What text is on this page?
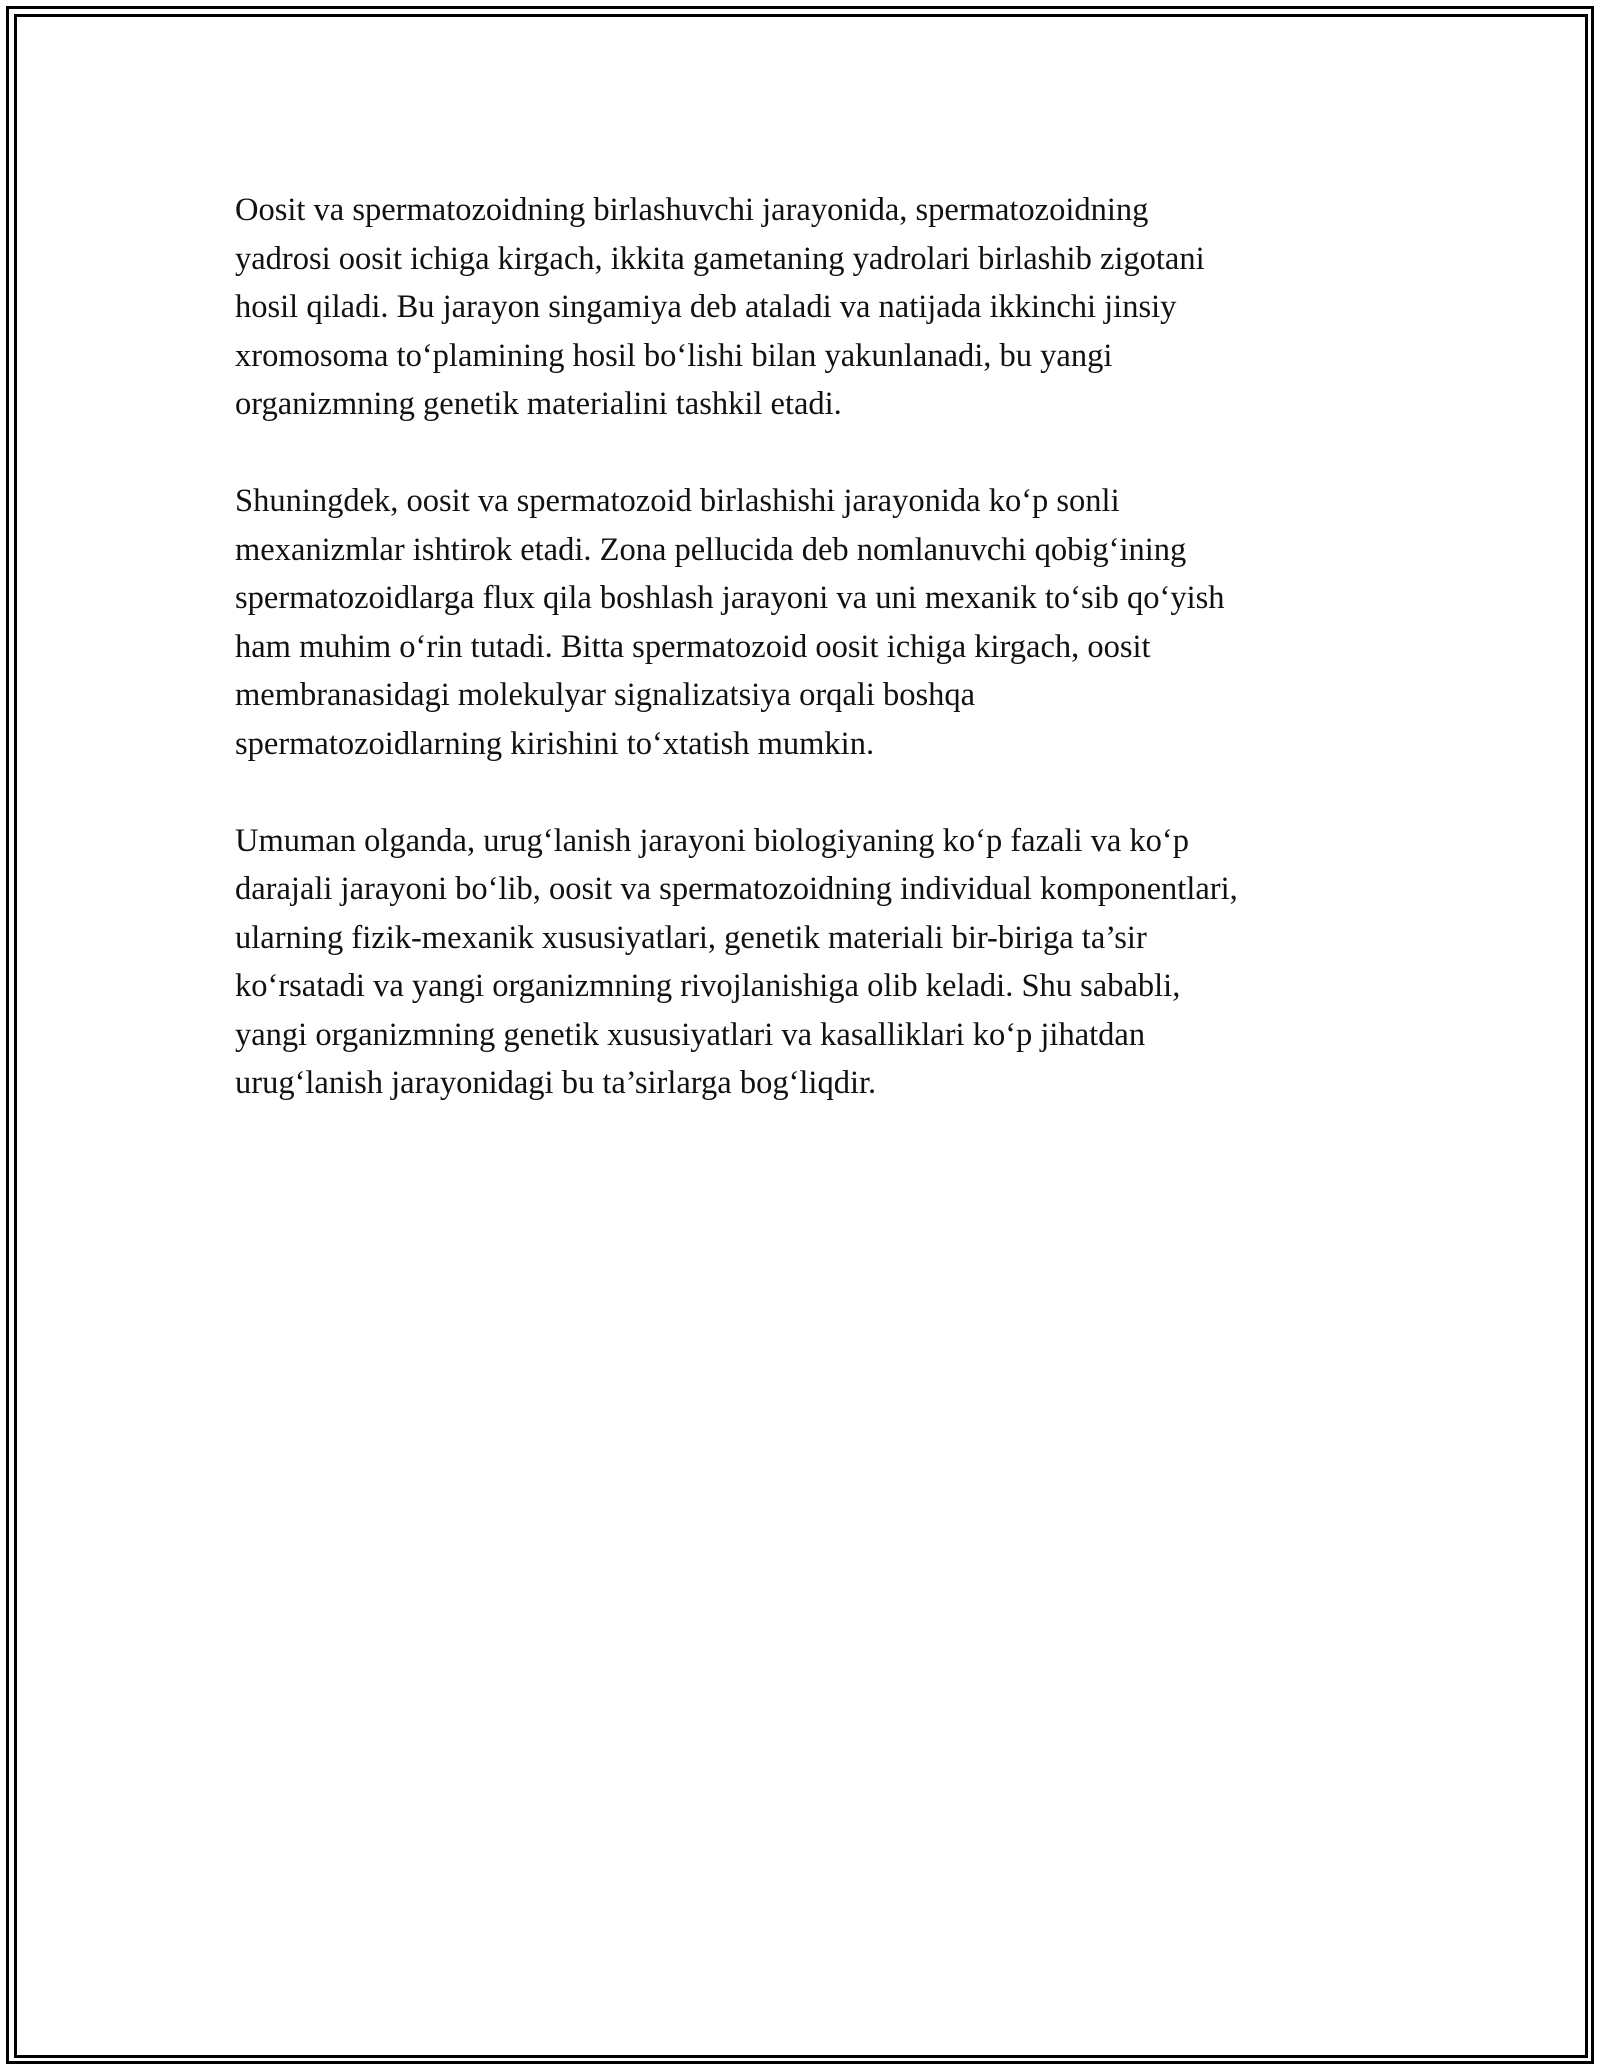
Oosit va spermatozoidning birlashuvchi jarayonida, spermatozoidning
yadrosi oosit ichiga kirgach, ikkita gametaning yadrolari birlashib zigotani
hosil qiladi. Bu jarayon singamiya deb ataladi va natijada ikkinchi jinsiy
xromosoma to‘plamining hosil bo‘lishi bilan yakunlanadi, bu yangi
organizmning genetik materialini tashkil etadi.

Shuningdek, oosit va spermatozoid birlashishi jarayonida ko‘p sonli
mexanizmlar ishtirok etadi. Zona pellucida deb nomlanuvchi qobig‘ining
spermatozoidlarga flux qila boshlash jarayoni va uni mexanik to‘sib qo‘yish
ham muhim o‘rin tutadi. Bitta spermatozoid oosit ichiga kirgach, oosit
membranasidagi molekulyar signalizatsiya orqali boshqa
spermatozoidlarning kirishini to‘xtatish mumkin.

Umuman olganda, urug‘lanish jarayoni biologiyaning ko‘p fazali va ko‘p
darajali jarayoni bo‘lib, oosit va spermatozoidning individual komponentlari,
ularning fizik-mexanik xususiyatlari, genetik materiali bir-biriga ta’sir
ko‘rsatadi va yangi organizmning rivojlanishiga olib keladi. Shu sababli,
yangi organizmning genetik xususiyatlari va kasalliklari ko‘p jihatdan
urug‘lanish jarayonidagi bu ta’sirlarga bog‘liqdir.
